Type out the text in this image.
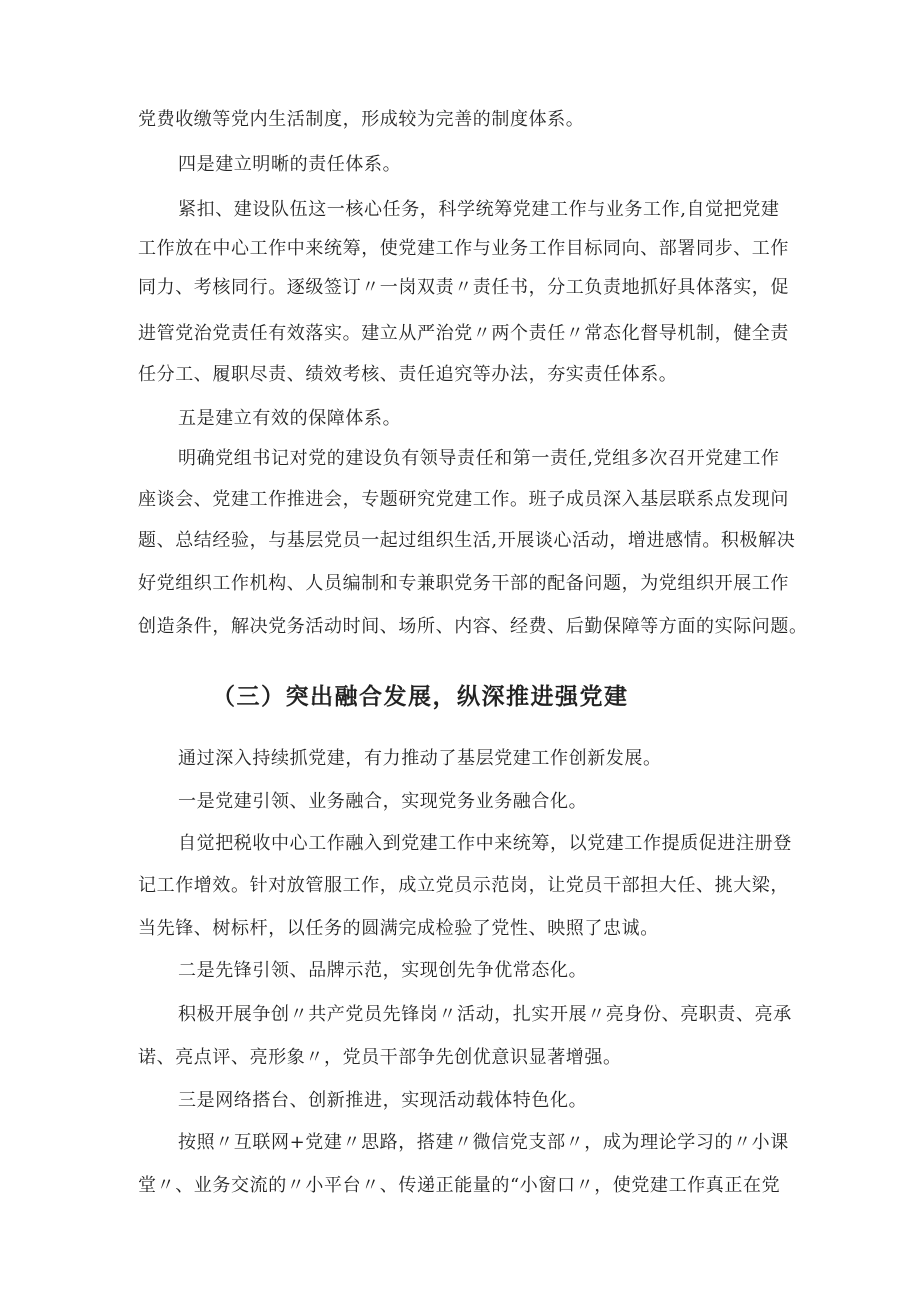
党费收缴等党内生活制度，形成较为完善的制度体系。
四是建立明晰的责任体系。
紧扣、建设队伍这一核心任务，科学统筹党建工作与业务工作,自觉把党建
工作放在中心工作中来统筹，使党建工作与业务工作目标同向、部署同步、工作
同力、考核同行。逐级签订〃一岗双责〃责任书，分工负责地抓好具体落实，促
进管党治党责任有效落实。建立从严治党〃两个责任〃常态化督导机制，健全责
任分工、履职尽责、绩效考核、责任追究等办法，夯实责任体系。
五是建立有效的保障体系。
明确党组书记对党的建设负有领导责任和第一责任,党组多次召开党建工作
座谈会、党建工作推进会，专题研究党建工作。班子成员深入基层联系点发现问
题、总结经验，与基层党员一起过组织生活,开展谈心活动，增进感情。积极解决
好党组织工作机构、人员编制和专兼职党务干部的配备问题，为党组织开展工作
创造条件，解决党务活动时间、场所、内容、经费、后勤保障等方面的实际问题。
（三）突出融合发展，纵深推进强党建
通过深入持续抓党建，有力推动了基层党建工作创新发展。
一是党建引领、业务融合，实现党务业务融合化。
自觉把税收中心工作融入到党建工作中来统筹，以党建工作提质促进注册登
记工作增效。针对放管服工作，成立党员示范岗，让党员干部担大任、挑大梁，
当先锋、树标杆，以任务的圆满完成检验了党性、映照了忠诚。
二是先锋引领、品牌示范，实现创先争优常态化。
积极开展争创〃共产党员先锋岗〃活动，扎实开展〃亮身份、亮职责、亮承
诺、亮点评、亮形象〃，党员干部争先创优意识显著增强。
三是网络搭台、创新推进，实现活动载体特色化。
按照〃互联网+党建〃思路，搭建〃微信党支部〃，成为理论学习的〃小课
堂〃、业务交流的〃小平台〃、传递正能量的“小窗口〃，使党建工作真正在党
